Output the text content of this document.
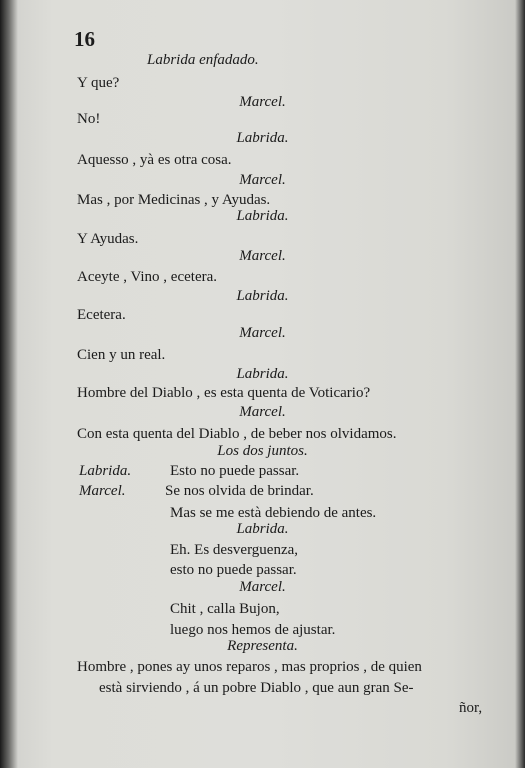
16
Labrida enfadado.
Y que?
Marcel.
No!
Labrida.
Aquesso , yà es otra cosa.
Marcel.
Mas , por Medicinas , y Ayudas.
Labrida.
Y Ayudas.
Marcel.
Aceyte , Vino , ecetera.
Labrida.
Ecetera.
Marcel.
Cien y un real.
Labrida.
Hombre del Diablo , es esta quenta de Voticario?
Marcel.
Con esta quenta del Diablo , de beber nos olvidamos.
Los dos juntos.
Labrida.	Esto no puede passar.
Marcel.	Se nos olvida de brindar.
Mas se me està debiendo de antes.
Labrida.
Eh. Es desverguenza,
esto no puede passar.
Marcel.
Chit , calla Bujon,
luego nos hemos de ajustar.
Representa.
Hombre , pones ay unos reparos , mas proprios , de quien
està sirviendo , á un pobre Diablo , que aun gran Se-
ñor,
